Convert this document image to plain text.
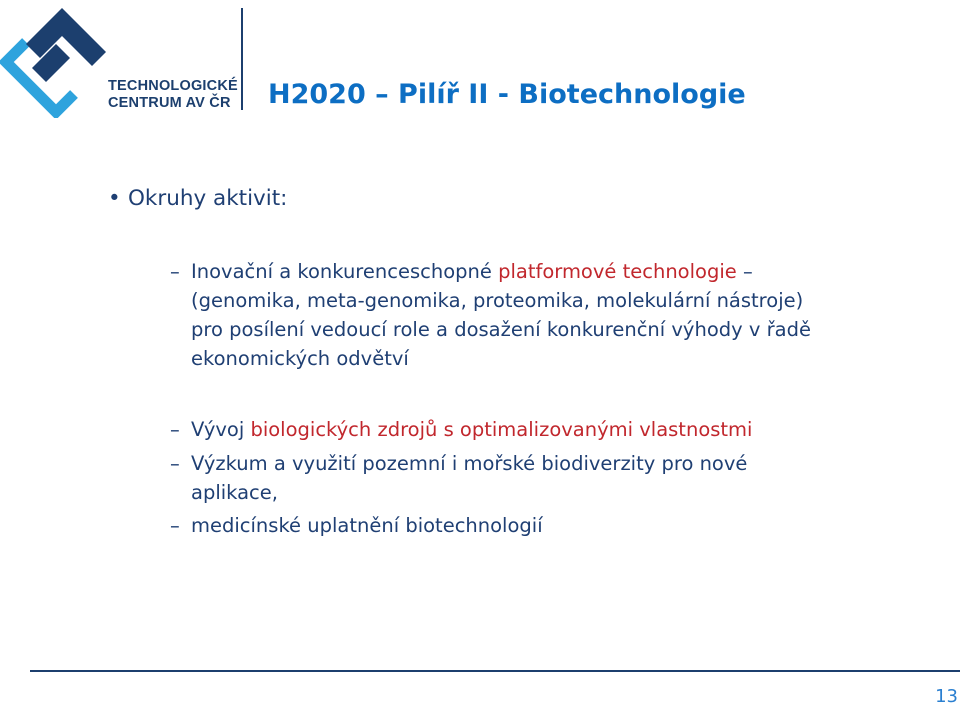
TECHNOLOGICKÉ
CENTRUM AV ČR H2020 – Pilíř II - Biotechnologie
• Okruhy aktivit:
– Inovační a konkurenceschopné platformové technologie –
(genomika, meta-genomika, proteomika, molekulární nástroje)
pro posílení vedoucí role a dosažení konkurenční výhody v řadě
ekonomických odvětví
– Vývoj biologických zdrojů s optimalizovanými vlastnostmi
– Výzkum a využití pozemní i mořské biodiverzity pro nové
aplikace,
– medicínské uplatnění biotechnologií
13
